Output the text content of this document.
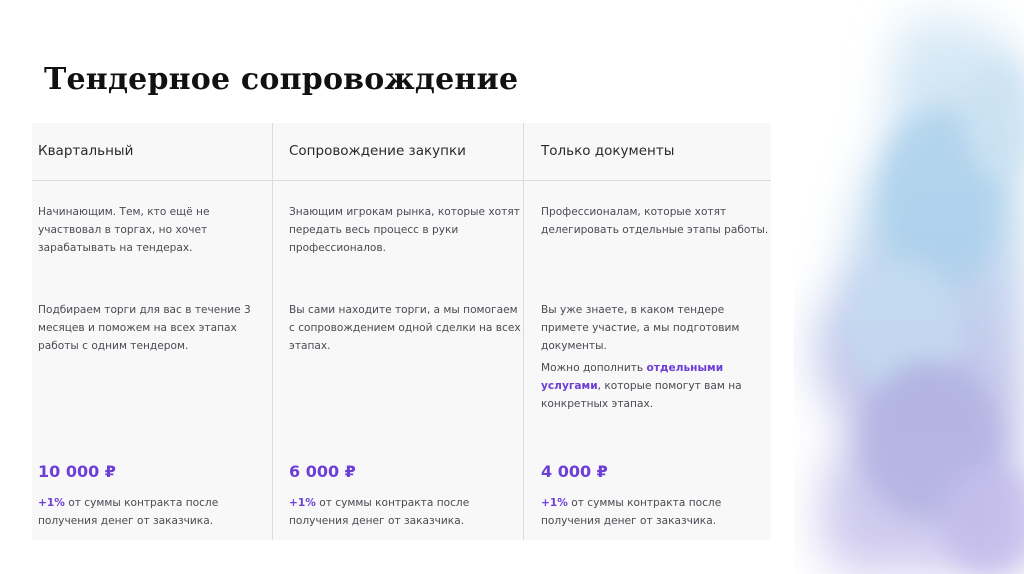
Тендерное сопровождение
Квартальный
Начинающим. Тем, кто ещё не участвовал в торгах, но хочет зарабатывать на тендерах.
Подбираем торги для вас в течение 3 месяцев и поможем на всех этапах работы с одним тендером.
10 000 ₽
+1% от суммы контракта после получения денег от заказчика.
Сопровождение закупки
Знающим игрокам рынка, которые хотят передать весь процесс в руки профессионалов.
Вы сами находите торги, а мы помогаем с сопровождением одной сделки на всех этапах.
6 000 ₽
+1% от суммы контракта после получения денег от заказчика.
Только документы
Профессионалам, которые хотят делегировать отдельные этапы работы.
Вы уже знаете, в каком тендере примете участие, а мы подготовим документы.
Можно дополнить отдельными услугами, которые помогут вам на конкретных этапах.
4 000 ₽
+1% от суммы контракта после получения денег от заказчика.
